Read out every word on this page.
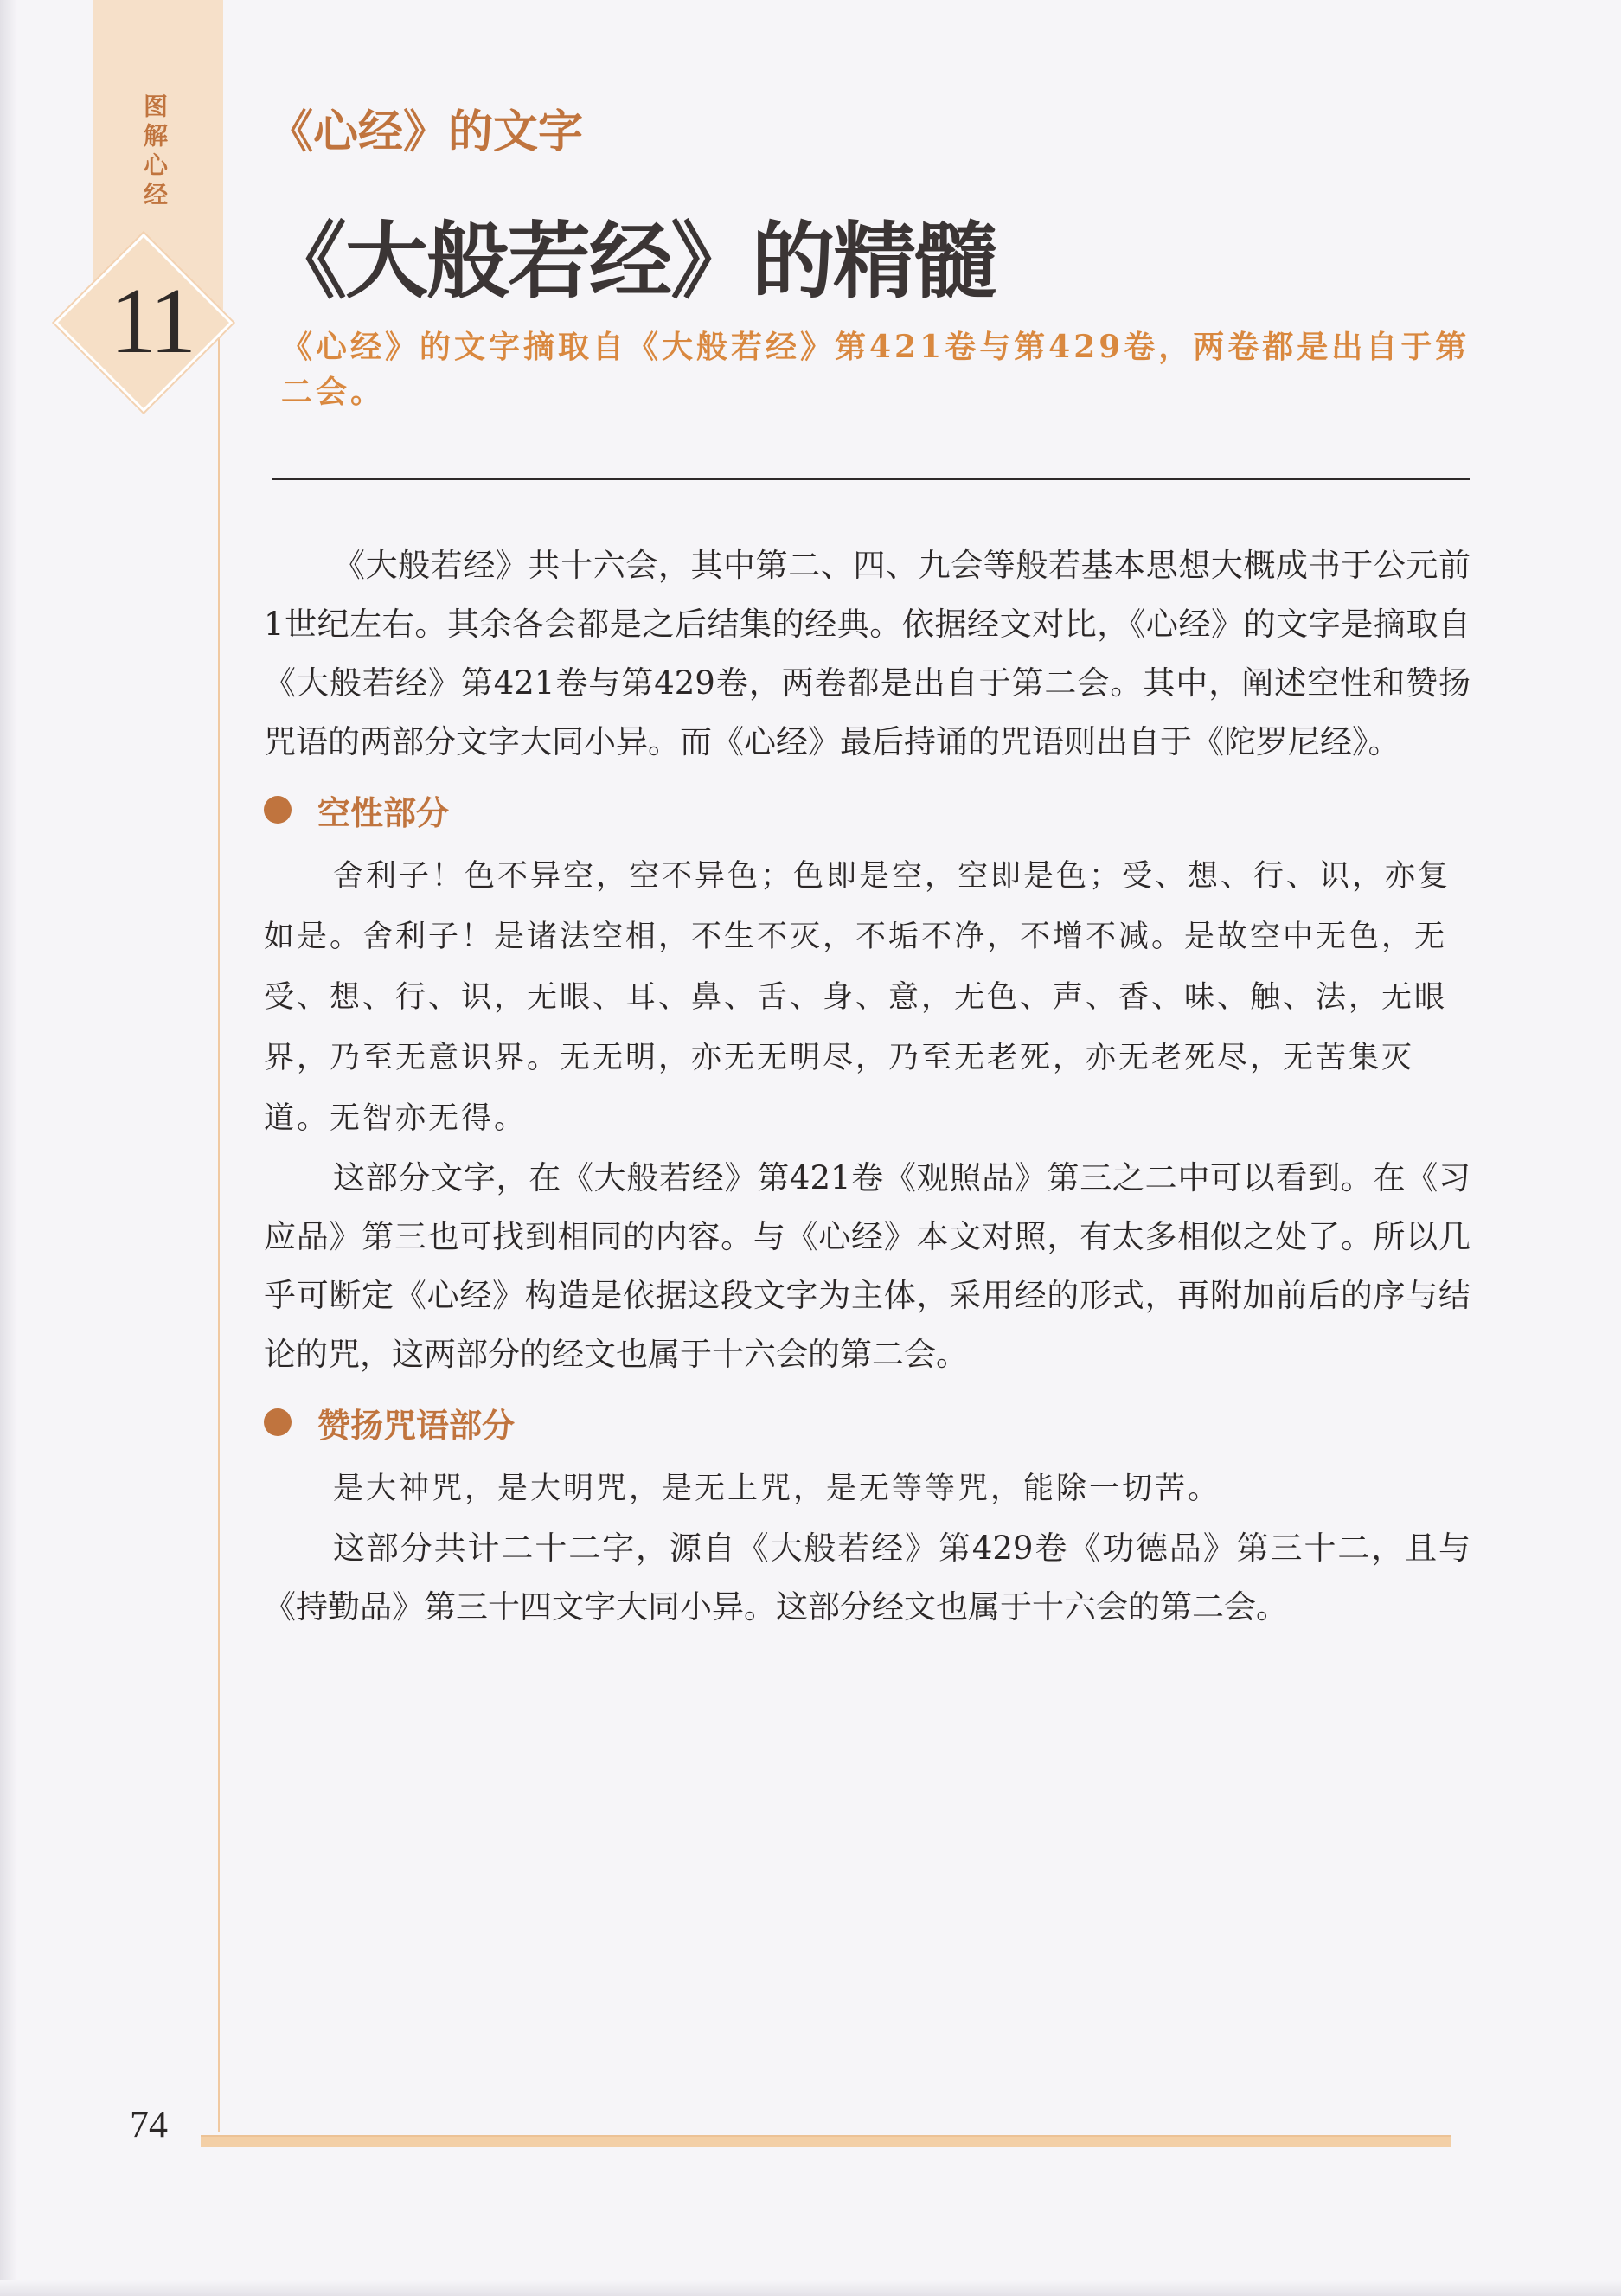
图解心经
11
《心经》的文字
《大般若经》的精髓
《心经》的文字摘取自《大般若经》第421卷与第429卷，两卷都是出自于第二会。

《大般若经》共十六会，其中第二、四、九会等般若基本思想大概成书于公元前1世纪左右。其余各会都是之后结集的经典。依据经文对比，《心经》的文字是摘取自《大般若经》第421卷与第429卷，两卷都是出自于第二会。其中，阐述空性和赞扬咒语的两部分文字大同小异。而《心经》最后持诵的咒语则出自于《陀罗尼经》。

空性部分

舍利子！色不异空，空不异色；色即是空，空即是色；受、想、行、识，亦复如是。舍利子！是诸法空相，不生不灭，不垢不净，不增不减。是故空中无色，无受、想、行、识，无眼、耳、鼻、舌、身、意，无色、声、香、味、触、法，无眼界，乃至无意识界。无无明，亦无无明尽，乃至无老死，亦无老死尽，无苦集灭道。无智亦无得。

这部分文字，在《大般若经》第421卷《观照品》第三之二中可以看到。在《习应品》第三也可找到相同的内容。与《心经》本文对照，有太多相似之处了。所以几乎可断定《心经》构造是依据这段文字为主体，采用经的形式，再附加前后的序与结论的咒，这两部分的经文也属于十六会的第二会。

赞扬咒语部分

是大神咒，是大明咒，是无上咒，是无等等咒，能除一切苦。

这部分共计二十二字，源自《大般若经》第429卷《功德品》第三十二，且与《持勤品》第三十四文字大同小异。这部分经文也属于十六会的第二会。

74
